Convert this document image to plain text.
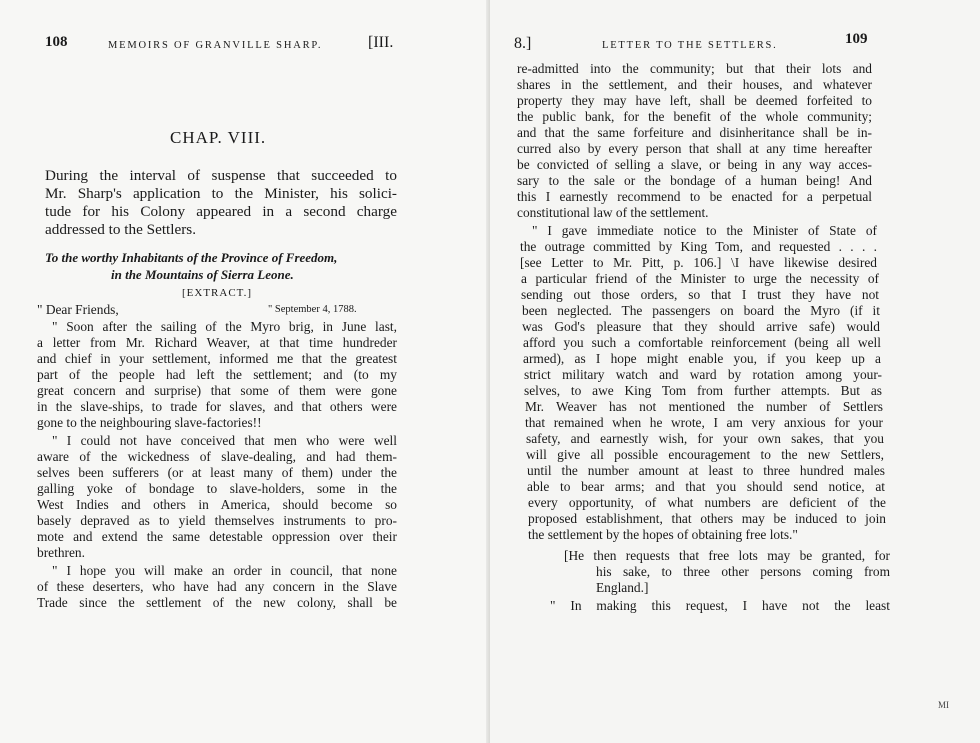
108	MEMOIRS OF GRANVILLE SHARP.	[III.
CHAP. VIII.
During the interval of suspense that succeeded to
Mr. Sharp's application to the Minister, his solici-
tude for his Colony appeared in a second charge
addressed to the Settlers.
To the worthy Inhabitants of the Province of Freedom,
in the Mountains of Sierra Leone.
[EXTRACT.]
" Dear Friends,	" September 4, 1788.
" Soon after the sailing of the Myro brig, in June last,
a letter from Mr. Richard Weaver, at that time hundreder
and chief in your settlement, informed me that the greatest
part of the people had left the settlement; and (to my
great concern and surprise) that some of them were gone
in the slave-ships, to trade for slaves, and that others were
gone to the neighbouring slave-factories!!
" I could not have conceived that men who were well
aware of the wickedness of slave-dealing, and had them-
selves been sufferers (or at least many of them) under the
galling yoke of bondage to slave-holders, some in the
West Indies and others in America, should become so
basely depraved as to yield themselves instruments to pro-
mote and extend the same detestable oppression over their
brethren.
" I hope you will make an order in council, that none
of these deserters, who have had any concern in the Slave
Trade since the settlement of the new colony, shall be
8.]	LETTER TO THE SETTLERS.	109
re-admitted into the community; but that their lots and
shares in the settlement, and their houses, and whatever
property they may have left, shall be deemed forfeited to
the public bank, for the benefit of the whole community;
and that the same forfeiture and disinheritance shall be in-
curred also by every person that shall at any time hereafter
be convicted of selling a slave, or being in any way acces-
sary to the sale or the bondage of a human being! And
this I earnestly recommend to be enacted for a perpetual
constitutional law of the settlement.
" I gave immediate notice to the Minister of State of
the outrage committed by King Tom, and requested . . . .
[see Letter to Mr. Pitt, p. 106.] \I have likewise desired
a particular friend of the Minister to urge the necessity of
sending out those orders, so that I trust they have not
been neglected. The passengers on board the Myro (if it
was God's pleasure that they should arrive safe) would
afford you such a comfortable reinforcement (being all well
armed), as I hope might enable you, if you keep up a
strict military watch and ward by rotation among your-
selves, to awe King Tom from further attempts. But as
Mr. Weaver has not mentioned the number of Settlers
that remained when he wrote, I am very anxious for your
safety, and earnestly wish, for your own sakes, that you
will give all possible encouragement to the new Settlers,
until the number amount at least to three hundred males
able to bear arms; and that you should send notice, at
every opportunity, of what numbers are deficient of the
proposed establishment, that others may be induced to join
the settlement by the hopes of obtaining free lots."
[He then requests that free lots may be granted, for
his sake, to three other persons coming from
England.]
" In making this request, I have not the least
MI
